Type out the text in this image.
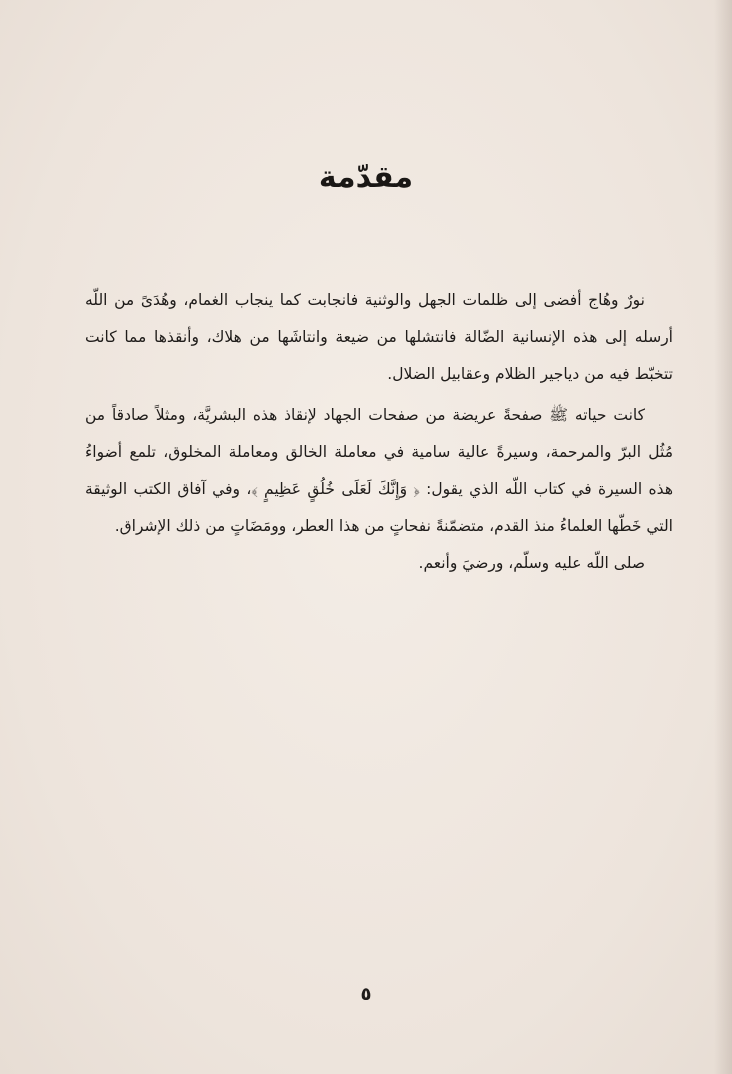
مقدّمة

نورٌ وهُاج أفضى إلى ظلمات الجهل والوثنية فانجابت كما ينجاب الغمام، وهُدَىً من اللّه أرسله إلى هذه الإنسانية الضّالة فانتشلها من ضيعة وانتاشَها من هلاك، وأنقذها مما كانت تتخبّط فيه من دياجير الظلام وعقابيل الضلال.

كانت حياته ﷺ صفحةً عريضة من صفحات الجهاد لإنقاذ هذه البشريَّة، ومثلاً صادقاً من مُثُل البرّ والمرحمة، وسيرةً عالية سامية في معاملة الخالق ومعاملة المخلوق، تلمع أضواءُ هذه السيرة في كتاب اللّه الذي يقول: ﴿ وَإِنَّكَ لَعَلَى خُلُقٍ عَظِيمٍ ﴾، وفي آفاق الكتب الوثيقة التي خَطّها العلماءُ منذ القدم، متضمّنةً نفحاتٍ من هذا العطر، وومَضَاتٍ من ذلك الإشراق.

صلى اللّه عليه وسلّم، ورضيَ وأنعم.

٥
